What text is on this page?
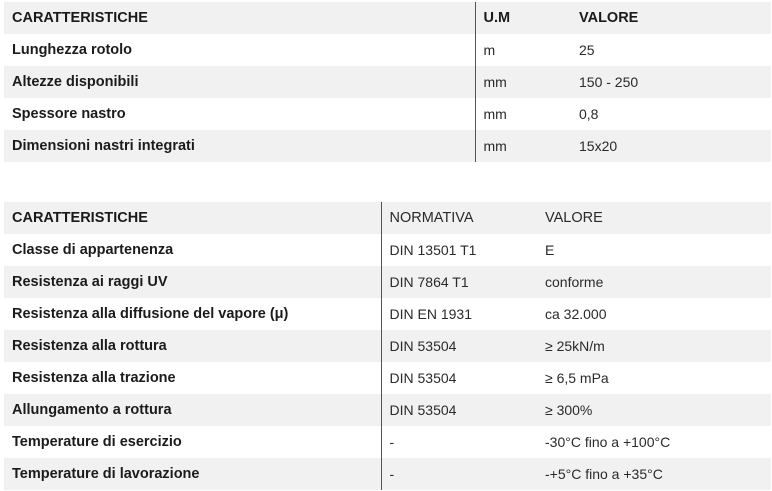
CARATTERISTICHE	U.M	VALORE
Lunghezza rotolo	m	25
Altezze disponibili	mm	150 - 250
Spessore nastro	mm	0,8
Dimensioni nastri integrati	mm	15x20
CARATTERISTICHE	NORMATIVA	VALORE
Classe di appartenenza	DIN 13501 T1	E
Resistenza ai raggi UV	DIN 7864 T1	conforme
Resistenza alla diffusione del vapore (μ)	DIN EN 1931	ca 32.000
Resistenza alla rottura	DIN 53504	≥ 25kN/m
Resistenza alla trazione	DIN 53504	≥ 6,5 mPa
Allungamento a rottura	DIN 53504	≥ 300%
Temperature di esercizio	-	-30°C fino a +100°C
Temperature di lavorazione	-	-+5°C fino a +35°C
